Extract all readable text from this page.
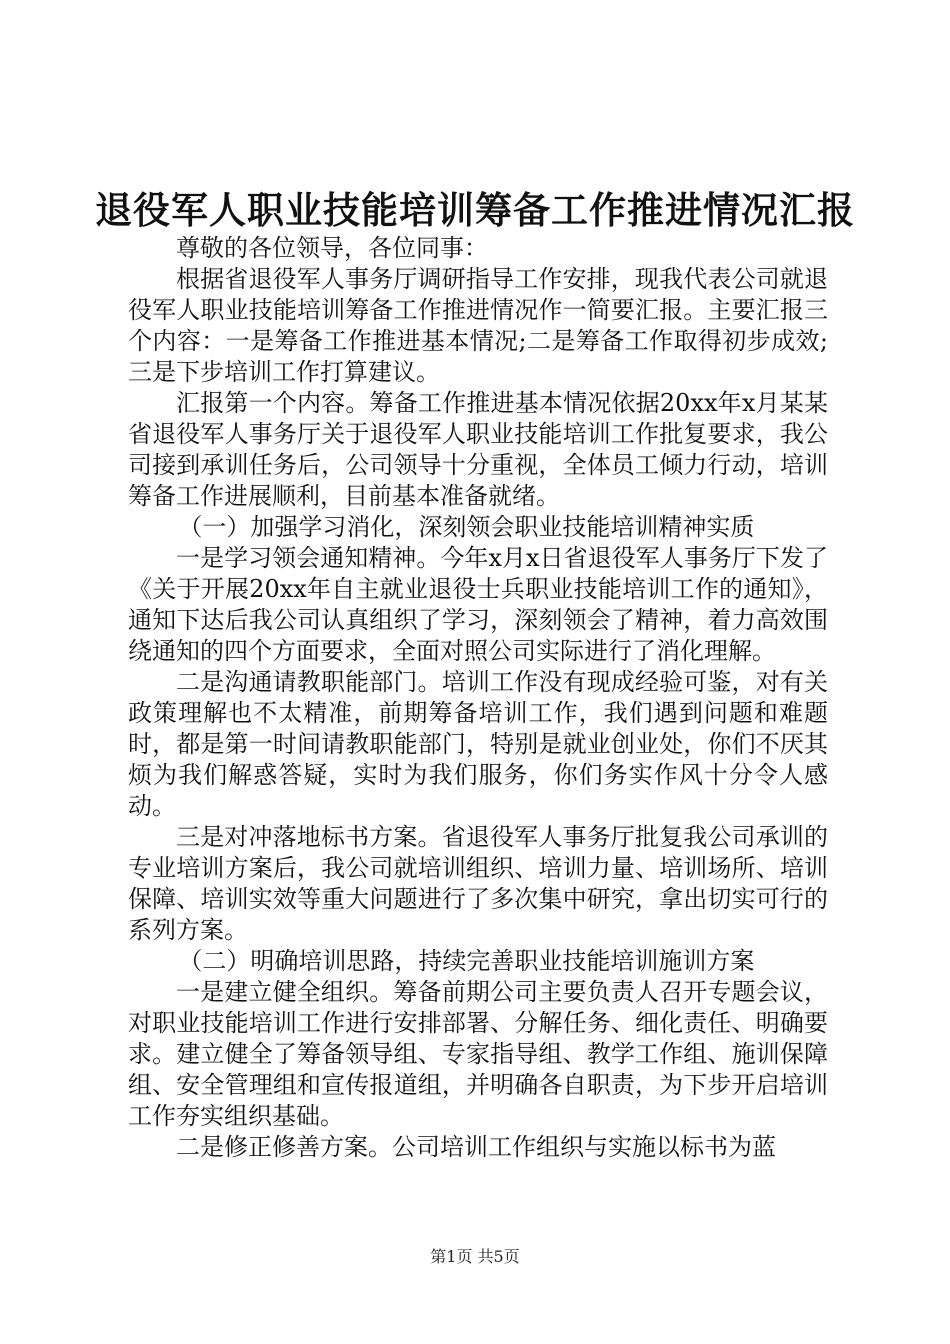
退役军人职业技能培训筹备工作推进情况汇报

尊敬的各位领导，各位同事：

根据省退役军人事务厅调研指导工作安排，现我代表公司就退役军人职业技能培训筹备工作推进情况作一简要汇报。主要汇报三个内容：一是筹备工作推进基本情况;二是筹备工作取得初步成效;三是下步培训工作打算建议。

汇报第一个内容。筹备工作推进基本情况依据20xx年x月某某省退役军人事务厅关于退役军人职业技能培训工作批复要求，我公司接到承训任务后，公司领导十分重视，全体员工倾力行动，培训筹备工作进展顺利，目前基本准备就绪。

（一）加强学习消化，深刻领会职业技能培训精神实质

一是学习领会通知精神。今年x月x日省退役军人事务厅下发了《关于开展20xx年自主就业退役士兵职业技能培训工作的通知》，通知下达后我公司认真组织了学习，深刻领会了精神，着力高效围绕通知的四个方面要求，全面对照公司实际进行了消化理解。

二是沟通请教职能部门。培训工作没有现成经验可鉴，对有关政策理解也不太精准，前期筹备培训工作，我们遇到问题和难题时，都是第一时间请教职能部门，特别是就业创业处，你们不厌其烦为我们解惑答疑，实时为我们服务，你们务实作风十分令人感动。

三是对冲落地标书方案。省退役军人事务厅批复我公司承训的专业培训方案后，我公司就培训组织、培训力量、培训场所、培训保障、培训实效等重大问题进行了多次集中研究，拿出切实可行的系列方案。

（二）明确培训思路，持续完善职业技能培训施训方案

一是建立健全组织。筹备前期公司主要负责人召开专题会议，对职业技能培训工作进行安排部署、分解任务、细化责任、明确要求。建立健全了筹备领导组、专家指导组、教学工作组、施训保障组、安全管理组和宣传报道组，并明确各自职责，为下步开启培训工作夯实组织基础。

二是修正修善方案。公司培训工作组织与实施以标书为蓝

第1页 共5页
